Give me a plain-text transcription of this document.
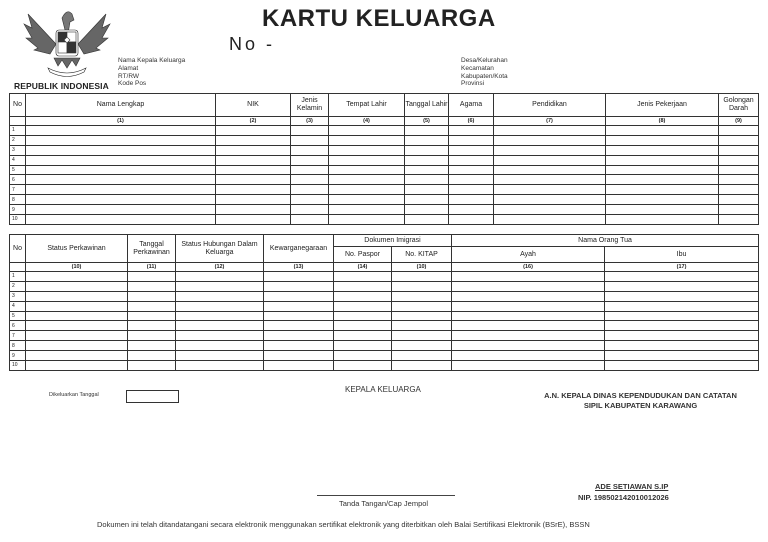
REPUBLIK INDONESIA
KARTU KELUARGA
No -
Nama Kepala Keluarga
Alamat
RT/RW
Kode Pos
Desa/Kelurahan
Kecamatan
Kabupaten/Kota
Provinsi
No	Nama Lengkap	NIK	Jenis Kelamin	Tempat Lahir	Tanggal Lahir	Agama	Pendidikan	Jenis Pekerjaan	Golongan Darah
	(1)	(2)	(3)	(4)	(5)	(6)	(7)	(8)	(9)
1									
2									
3									
4									
5									
6									
7									
8									
9									
10									
No	Status Perkawinan	Tanggal Perkawinan	Status Hubungan Dalam Keluarga	Kewarganegaraan	Dokumen Imigrasi		Nama Orang Tua	
					No. Paspor	No. KITAP	Ayah	Ibu
	(10)	(11)	(12)	(13)	(14)	(10)	(16)	(17)
1								
2								
3								
4								
5								
6								
7								
8								
9								
10								
Dikeluarkan Tanggal
KEPALA KELUARGA
A.N. KEPALA DINAS KEPENDUDUKAN DAN CATATAN
SIPIL KABUPATEN KARAWANG
ADE SETIAWAN S.IP
NIP. 198502142010012026
Tanda Tangan/Cap Jempol
Dokumen ini telah ditandatangani secara elektronik menggunakan sertifikat elektronik yang diterbitkan oleh Balai Sertifikasi Elektronik (BSrE), BSSN
